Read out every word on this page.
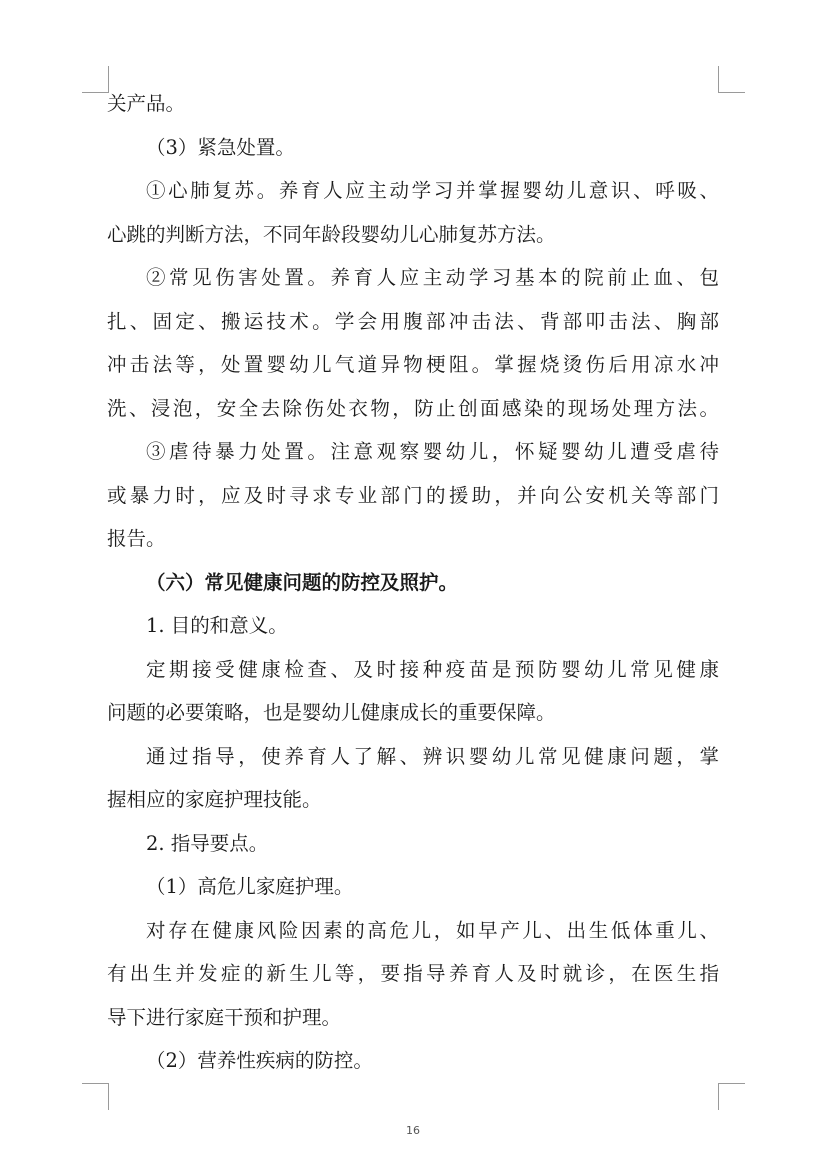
关产品。
（3）紧急处置。
①心肺复苏。养育人应主动学习并掌握婴幼儿意识、呼吸、
心跳的判断方法，不同年龄段婴幼儿心肺复苏方法。
②常见伤害处置。养育人应主动学习基本的院前止血、包
扎、固定、搬运技术。学会用腹部冲击法、背部叩击法、胸部
冲击法等，处置婴幼儿气道异物梗阻。掌握烧烫伤后用凉水冲
洗、浸泡，安全去除伤处衣物，防止创面感染的现场处理方法。
③虐待暴力处置。注意观察婴幼儿，怀疑婴幼儿遭受虐待
或暴力时，应及时寻求专业部门的援助，并向公安机关等部门
报告。
（六）常见健康问题的防控及照护。
1. 目的和意义。
定期接受健康检查、及时接种疫苗是预防婴幼儿常见健康
问题的必要策略，也是婴幼儿健康成长的重要保障。
通过指导，使养育人了解、辨识婴幼儿常见健康问题，掌
握相应的家庭护理技能。
2. 指导要点。
（1）高危儿家庭护理。
对存在健康风险因素的高危儿，如早产儿、出生低体重儿、
有出生并发症的新生儿等，要指导养育人及时就诊，在医生指
导下进行家庭干预和护理。
（2）营养性疾病的防控。
16
